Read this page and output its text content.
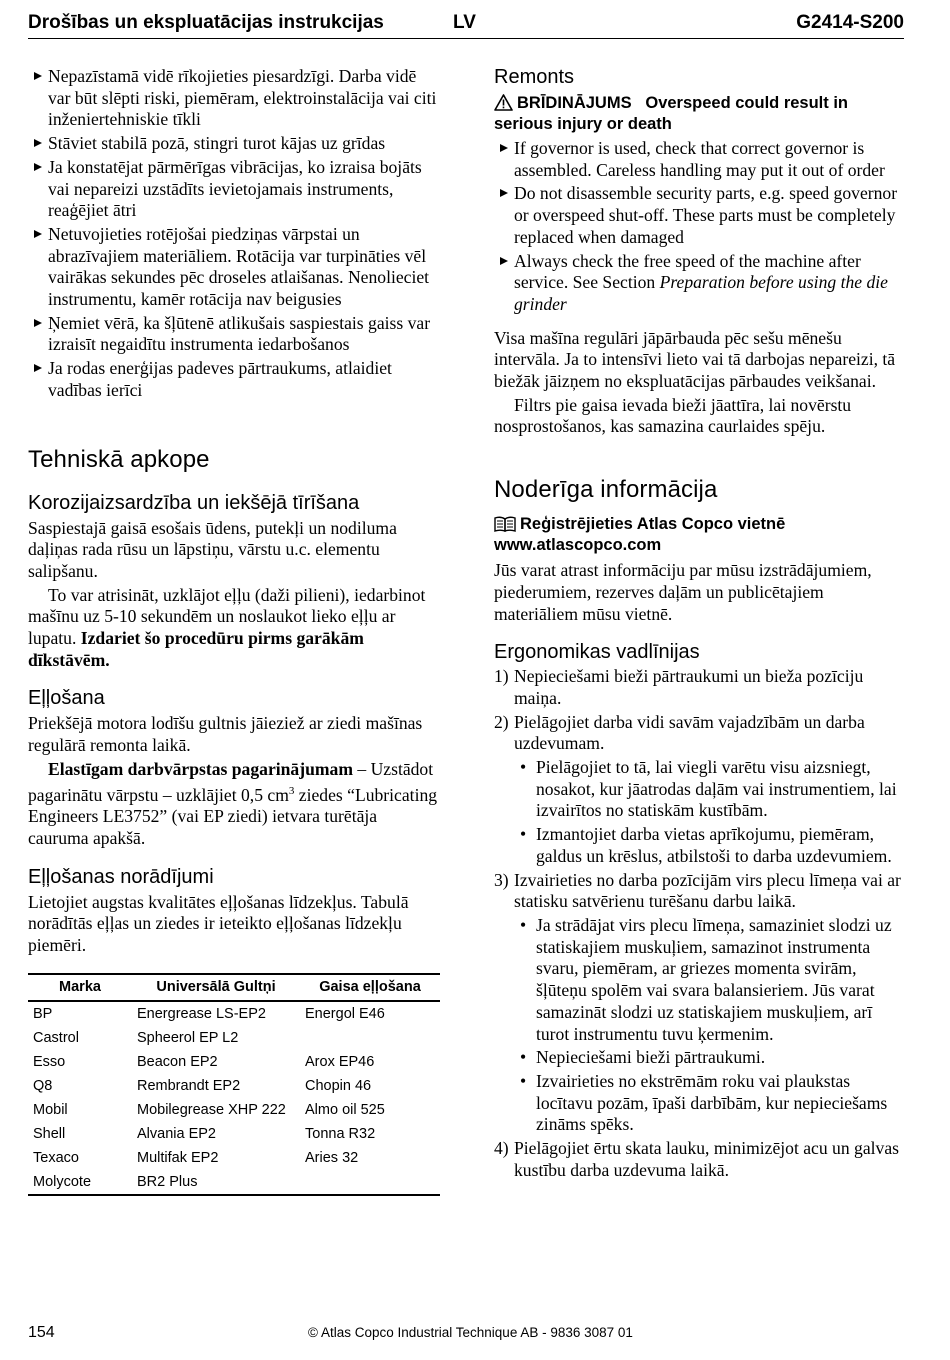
Drošības un ekspluatācijas instrukcijas	LV	G2414-S200
Nepazīstamā vidē rīkojieties piesardzīgi. Darba vidē var būt slēpti riski, piemēram, elektroinstalācija vai citi inženiertehniskie tīkli
Stāviet stabilā pozā, stingri turot kājas uz grīdas
Ja konstatējat pārmērīgas vibrācijas, ko izraisa bojāts vai nepareizi uzstādīts ievietojamais instruments, reaģējiet ātri
Netuvojieties rotējošai piedziņas vārpstai un abrazīvajiem materiāliem. Rotācija var turpināties vēl vairākas sekundes pēc droseles atlaišanas. Nenolieciet instrumentu, kamēr rotācija nav beigusies
Ņemiet vērā, ka šļūtenē atlikušais saspiestais gaiss var izraisīt negaidītu instrumenta iedarbošanos
Ja rodas enerģijas padeves pārtraukums, atlaidiet vadības ierīci
Tehniskā apkope
Korozijaizsardzība un iekšējā tīrīšana

Saspiestajā gaisā esošais ūdens, putekļi un nodiluma daļiņas rada rūsu un lāpstiņu, vārstu u.c. elementu salipšanu.

To var atrisināt, uzklājot eļļu (daži pilieni), iedarbinot mašīnu uz 5-10 sekundēm un noslaukot lieko eļļu ar lupatu. Izdariet šo procedūru pirms garākām dīkstāvēm.

Eļļošana

Priekšējā motora lodīšu gultnis jāieziež ar ziedi mašīnas regulārā remonta laikā.

Elastīgam darbvārpstas pagarinājumam – Uzstādot pagarinātu vārpstu – uzklājiet 0,5 $cm^3$ ziedes “Lubricating Engineers LE3752” (vai EP ziedi) ietvara turētāja cauruma apakšā.

Eļļošanas norādījumi

Lietojiet augstas kvalitātes eļļošanas līdzekļus. Tabulā norādītās eļļas un ziedes ir ieteikto eļļošanas līdzekļu piemēri.

Marka	Universālā Gultņi	Gaisa eļļošana
BP	Energrease LS-EP2	Energol E46
Castrol	Spheerol EP L2	
Esso	Beacon EP2	Arox EP46
Q8	Rembrandt EP2	Chopin 46
Mobil	Mobilegrease XHP 222	Almo oil 525
Shell	Alvania EP2	Tonna R32
Texaco	Multifak EP2	Aries 32
Molycote	BR2 Plus	
Remonts
BRĪDINĀJUMS Overspeed could result in serious injury or death
If governor is used, check that correct governor is assembled. Careless handling may put it out of order
Do not disassemble security parts, e.g. speed governor or overspeed shut-off. These parts must be completely replaced when damaged
Always check the free speed of the machine after service. See Section Preparation before using the die grinder

Visa mašīna regulāri jāpārbauda pēc sešu mēnešu intervāla. Ja to intensīvi lieto vai tā darbojas nepareizi, tā biežāk jāizņem no ekspluatācijas pārbaudes veikšanai.

Filtrs pie gaisa ievada bieži jāattīra, lai novērstu nosprostošanos, kas samazina caurlaides spēju.

Noderīga informācija
Reģistrējieties Atlas Copco vietnē www.atlascopco.com

Jūs varat atrast informāciju par mūsu izstrādājumiem, piederumiem, rezerves daļām un publicētajiem materiāliem mūsu vietnē.

Ergonomikas vadlīnijas
1) Nepieciešami bieži pārtraukumi un bieža pozīciju maiņa.
2) Pielāgojiet darba vidi savām vajadzībām un darba uzdevumam.
• Pielāgojiet to tā, lai viegli varētu visu aizsniegt, nosakot, kur jāatrodas daļām vai instrumentiem, lai izvairītos no statiskām kustībām.
• Izmantojiet darba vietas aprīkojumu, piemēram, galdus un krēslus, atbilstoši to darba uzdevumiem.
3) Izvairieties no darba pozīcijām virs plecu līmeņa vai ar statisku satvērienu turēšanu darbu laikā.
• Ja strādājat virs plecu līmeņa, samaziniet slodzi uz statiskajiem muskuļiem, samazinot instrumenta svaru, piemēram, ar griezes momenta svirām, šļūteņu spolēm vai svara balansieriem. Jūs varat samazināt slodzi uz statiskajiem muskuļiem, arī turot instrumentu tuvu ķermenim.
• Nepieciešami bieži pārtraukumi.
• Izvairieties no ekstrēmām roku vai plaukstas locītavu pozām, īpaši darbībām, kur nepieciešams zināms spēks.
4) Pielāgojiet ērtu skata lauku, minimizējot acu un galvas kustību darba uzdevuma laikā.
154	© Atlas Copco Industrial Technique AB - 9836 3087 01
